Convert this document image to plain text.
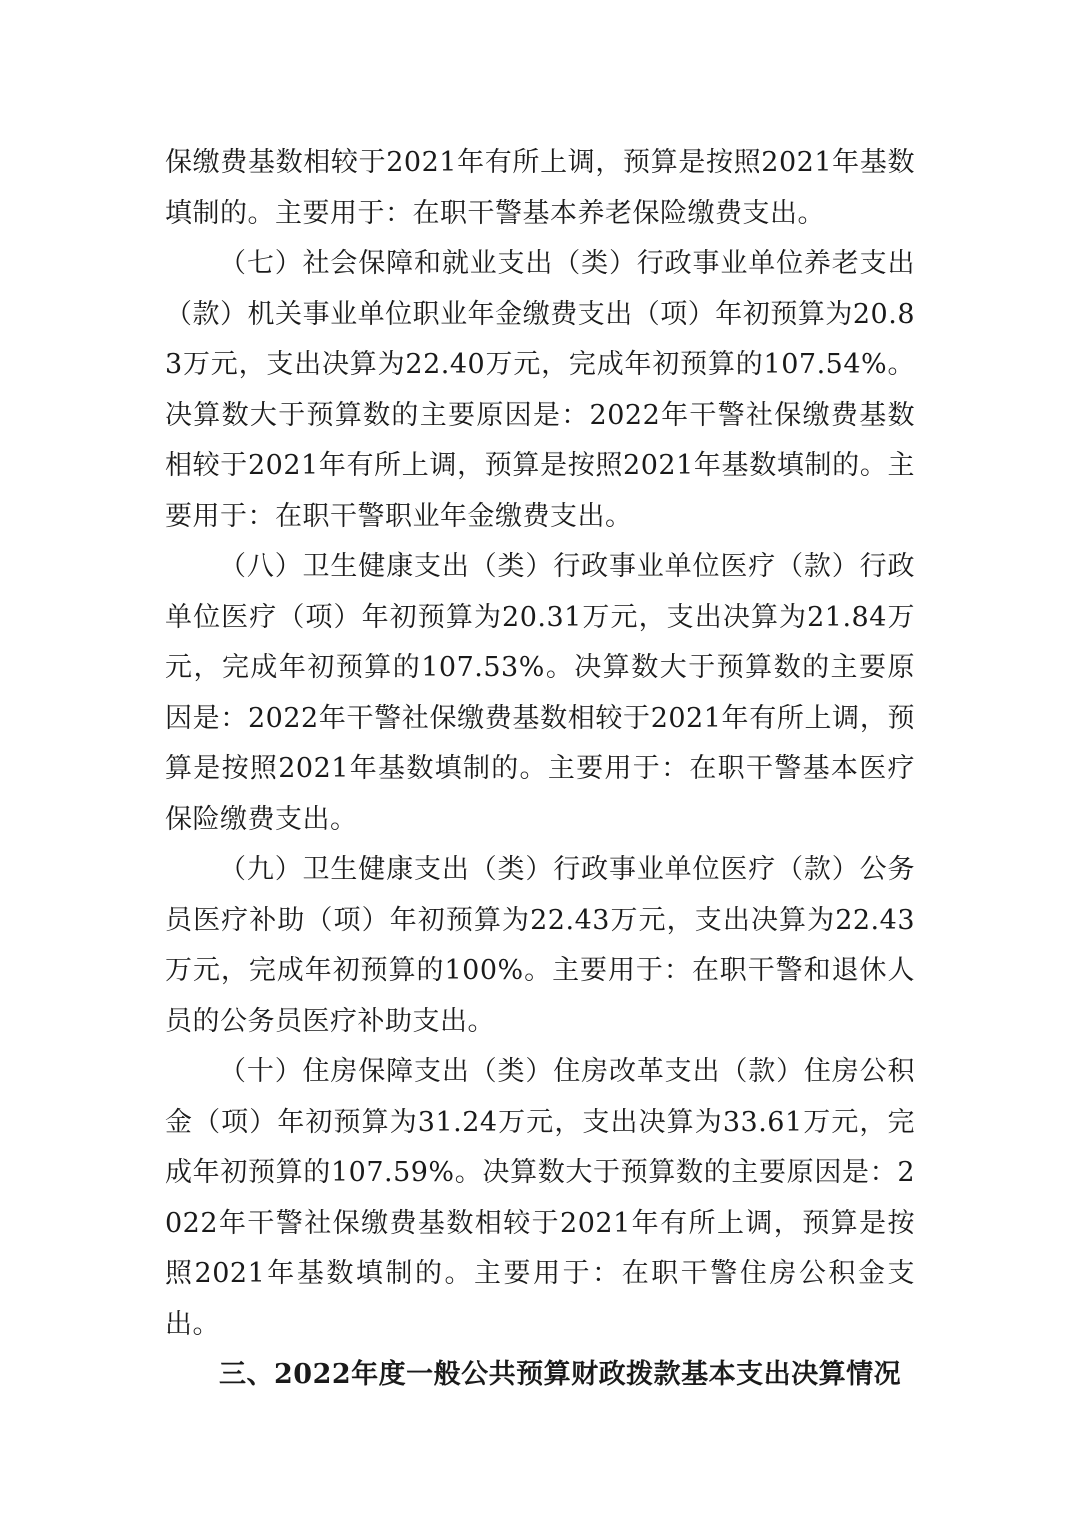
保缴费基数相较于2021年有所上调，预算是按照2021年基数填制的。主要用于：在职干警基本养老保险缴费支出。

（七）社会保障和就业支出（类）行政事业单位养老支出（款）机关事业单位职业年金缴费支出（项）年初预算为20.83万元，支出决算为22.40万元，完成年初预算的107.54%。决算数大于预算数的主要原因是：2022年干警社保缴费基数相较于2021年有所上调，预算是按照2021年基数填制的。主要用于：在职干警职业年金缴费支出。

（八）卫生健康支出（类）行政事业单位医疗（款）行政单位医疗（项）年初预算为20.31万元，支出决算为21.84万元，完成年初预算的107.53%。决算数大于预算数的主要原因是：2022年干警社保缴费基数相较于2021年有所上调，预算是按照2021年基数填制的。主要用于：在职干警基本医疗保险缴费支出。

（九）卫生健康支出（类）行政事业单位医疗（款）公务员医疗补助（项）年初预算为22.43万元，支出决算为22.43万元，完成年初预算的100%。主要用于：在职干警和退休人员的公务员医疗补助支出。

（十）住房保障支出（类）住房改革支出（款）住房公积金（项）年初预算为31.24万元，支出决算为33.61万元，完成年初预算的107.59%。决算数大于预算数的主要原因是：2022年干警社保缴费基数相较于2021年有所上调，预算是按照2021年基数填制的。主要用于：在职干警住房公积金支出。

三、2022年度一般公共预算财政拨款基本支出决算情况
